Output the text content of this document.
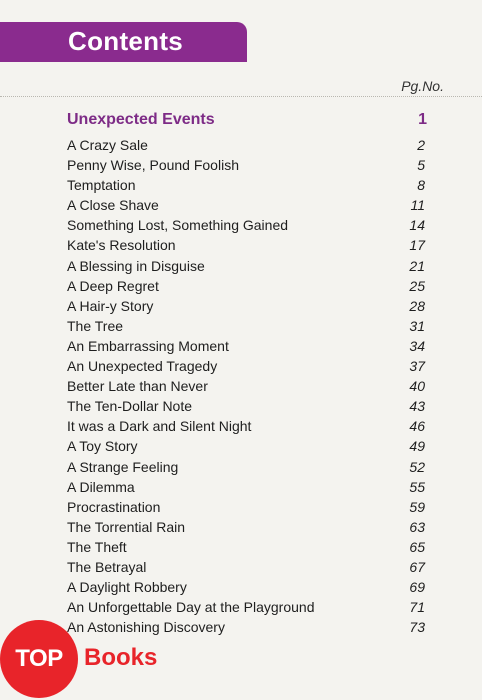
Contents
Pg.No.
Unexpected Events	1
A Crazy Sale	2
Penny Wise, Pound Foolish	5
Temptation	8
A Close Shave	11
Something Lost, Something Gained	14
Kate's Resolution	17
A Blessing in Disguise	21
A Deep Regret	25
A Hair-y Story	28
The Tree	31
An Embarrassing Moment	34
An Unexpected Tragedy	37
Better Late than Never	40
The Ten-Dollar Note	43
It was a Dark and Silent Night	46
A Toy Story	49
A Strange Feeling	52
A Dilemma	55
Procrastination	59
The Torrential Rain	63
The Theft	65
The Betrayal	67
A Daylight Robbery	69
An Unforgettable Day at the Playground	71
An Astonishing Discovery	73
TOP Books
